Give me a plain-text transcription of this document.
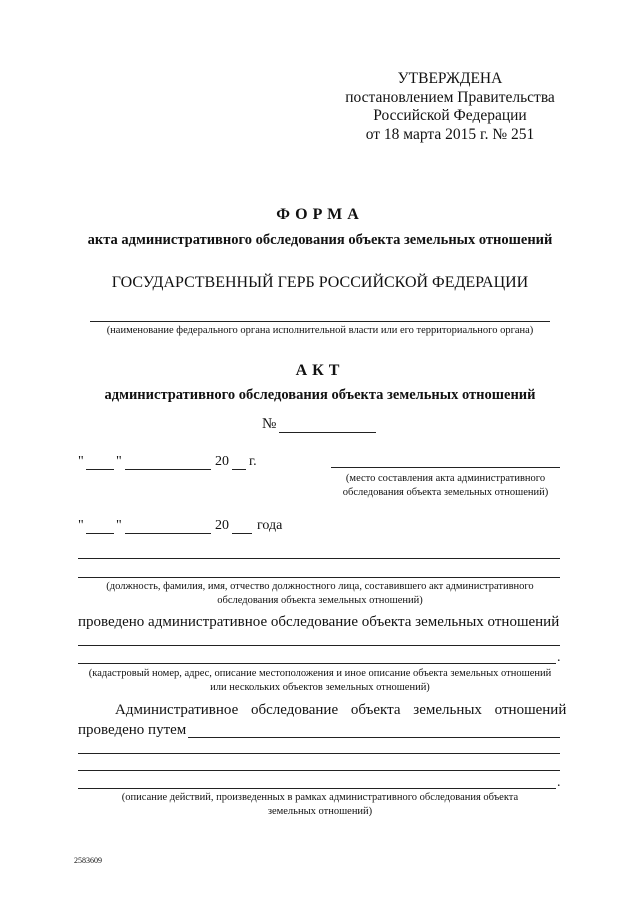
УТВЕРЖДЕНА
постановлением Правительства
Российской Федерации
от 18 марта 2015 г. № 251
ФОРМА
акта административного обследования объекта земельных отношений
ГОСУДАРСТВЕННЫЙ ГЕРБ РОССИЙСКОЙ ФЕДЕРАЦИИ
(наименование федерального органа исполнительной власти или его территориального органа)
АКТ
административного обследования объекта земельных отношений
№
" "	20 г.
(место составления акта административного
обследования объекта земельных отношений)
" "	20 года
(должность, фамилия, имя, отчество должностного лица, составившего акт административного
обследования объекта земельных отношений)
проведено административное обследование объекта земельных отношений
.
(кадастровый номер, адрес, описание местоположения и иное описание объекта земельных отношений
или нескольких объектов земельных отношений)
Административное обследование объекта земельных отношений
проведено путем
.
(описание действий, произведенных в рамках административного обследования объекта
земельных отношений)
2583609
